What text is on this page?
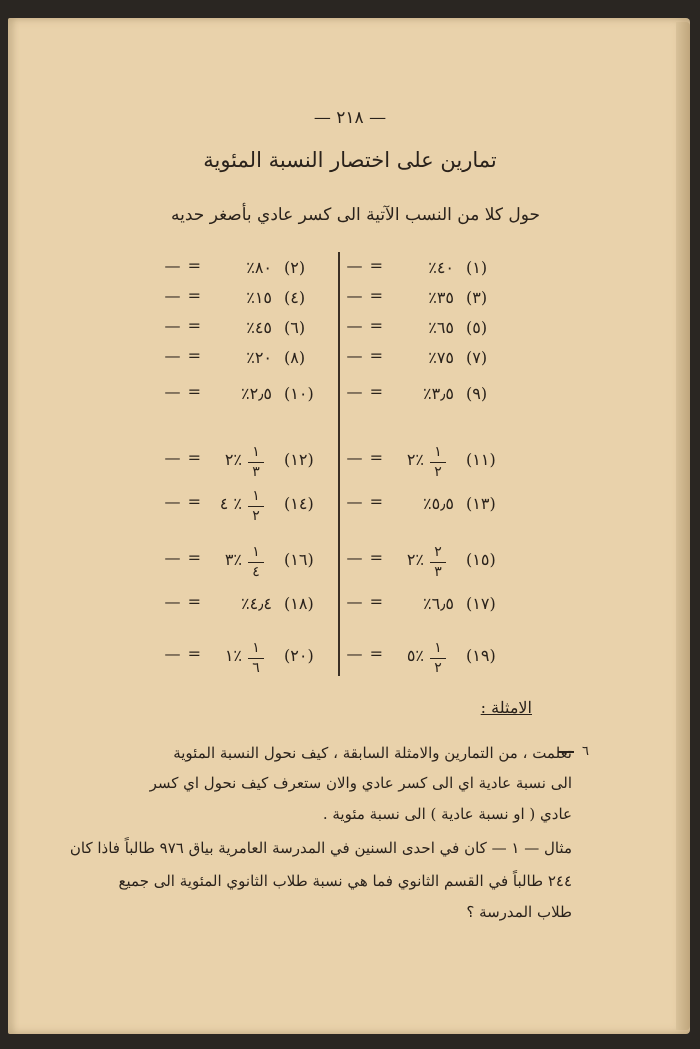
— ٢١٨ —
تمارين على اختصار النسبة المئوية
حول كلا من النسب الآتية الى كسر عادي بأصغر حديه
(١)
٤٠٪
— =
(٣)
٣٥٪
— =
(٥)
٦٥٪
— =
(٧)
٧٥٪
— =
(٩)
٣٫٥٪
— =
(١١)
٪٢ ١
٢
— =
(١٣)
٥٫٥٪
— =
(١٥)
٪٢ ٢
٣
— =
(١٧)
٦٫٥٪
— =
(١٩)
٪٥ ١
٢
— =
(٢)
٨٠٪
— =
(٤)
١٥٪
— =
(٦)
٤٥٪
— =
(٨)
٢٠٪
— =
(١٠)
٢٫٥٪
— =
(١٢)
٪٢ ١
٣
— =
(١٤)
٪ ٤ ١
٢
— =
(١٦)
٪٣ ١
٤
— =
(١٨)
٤٫٤٪
— =
(٢٠)
٪١ ١
٦
— =
الامثلة :
٦
تعلمت ، من التمارين والامثلة السابقة ، كيف نحول النسبة المئوية
الى نسبة عادية اي الى كسر عادي والان ستعرف كيف نحول اي كسر
عادي ( او نسبة عادية ) الى نسبة مئوية .
مثال — ١ — كان في احدى السنين في المدرسة العامرية بياق ٩٧٦ طالباً فاذا كان
٢٤٤ طالباً في القسم الثانوي فما هي نسبة طلاب الثانوي المئوية الى جميع
طلاب المدرسة ؟
